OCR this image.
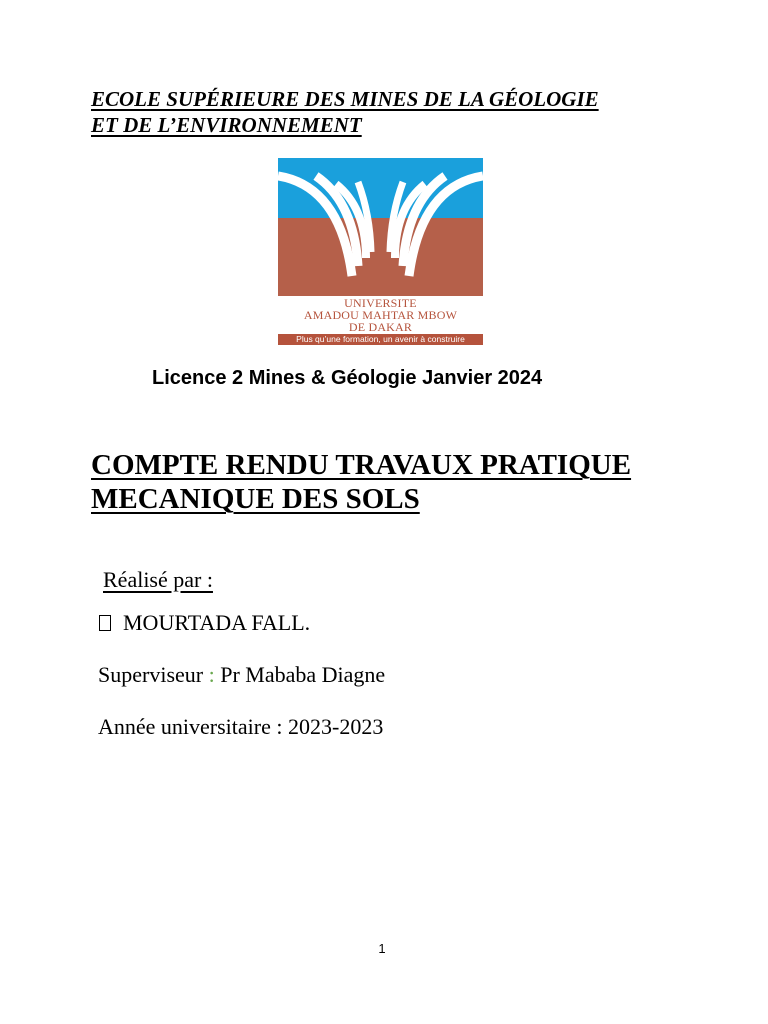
ECOLE SUPÉRIEURE DES MINES DE LA GÉOLOGIE
ET DE L’ENVIRONNEMENT
UNIVERSITE
AMADOU MAHTAR MBOW
DE DAKAR
Plus qu’une formation, un avenir à construire
Licence 2 Mines & Géologie Janvier 2024
COMPTE RENDU TRAVAUX PRATIQUE
MECANIQUE DES SOLS
Réalisé par :
MOURTADA FALL.
Superviseur : Pr Mababa Diagne
Année universitaire : 2023-2023
1
